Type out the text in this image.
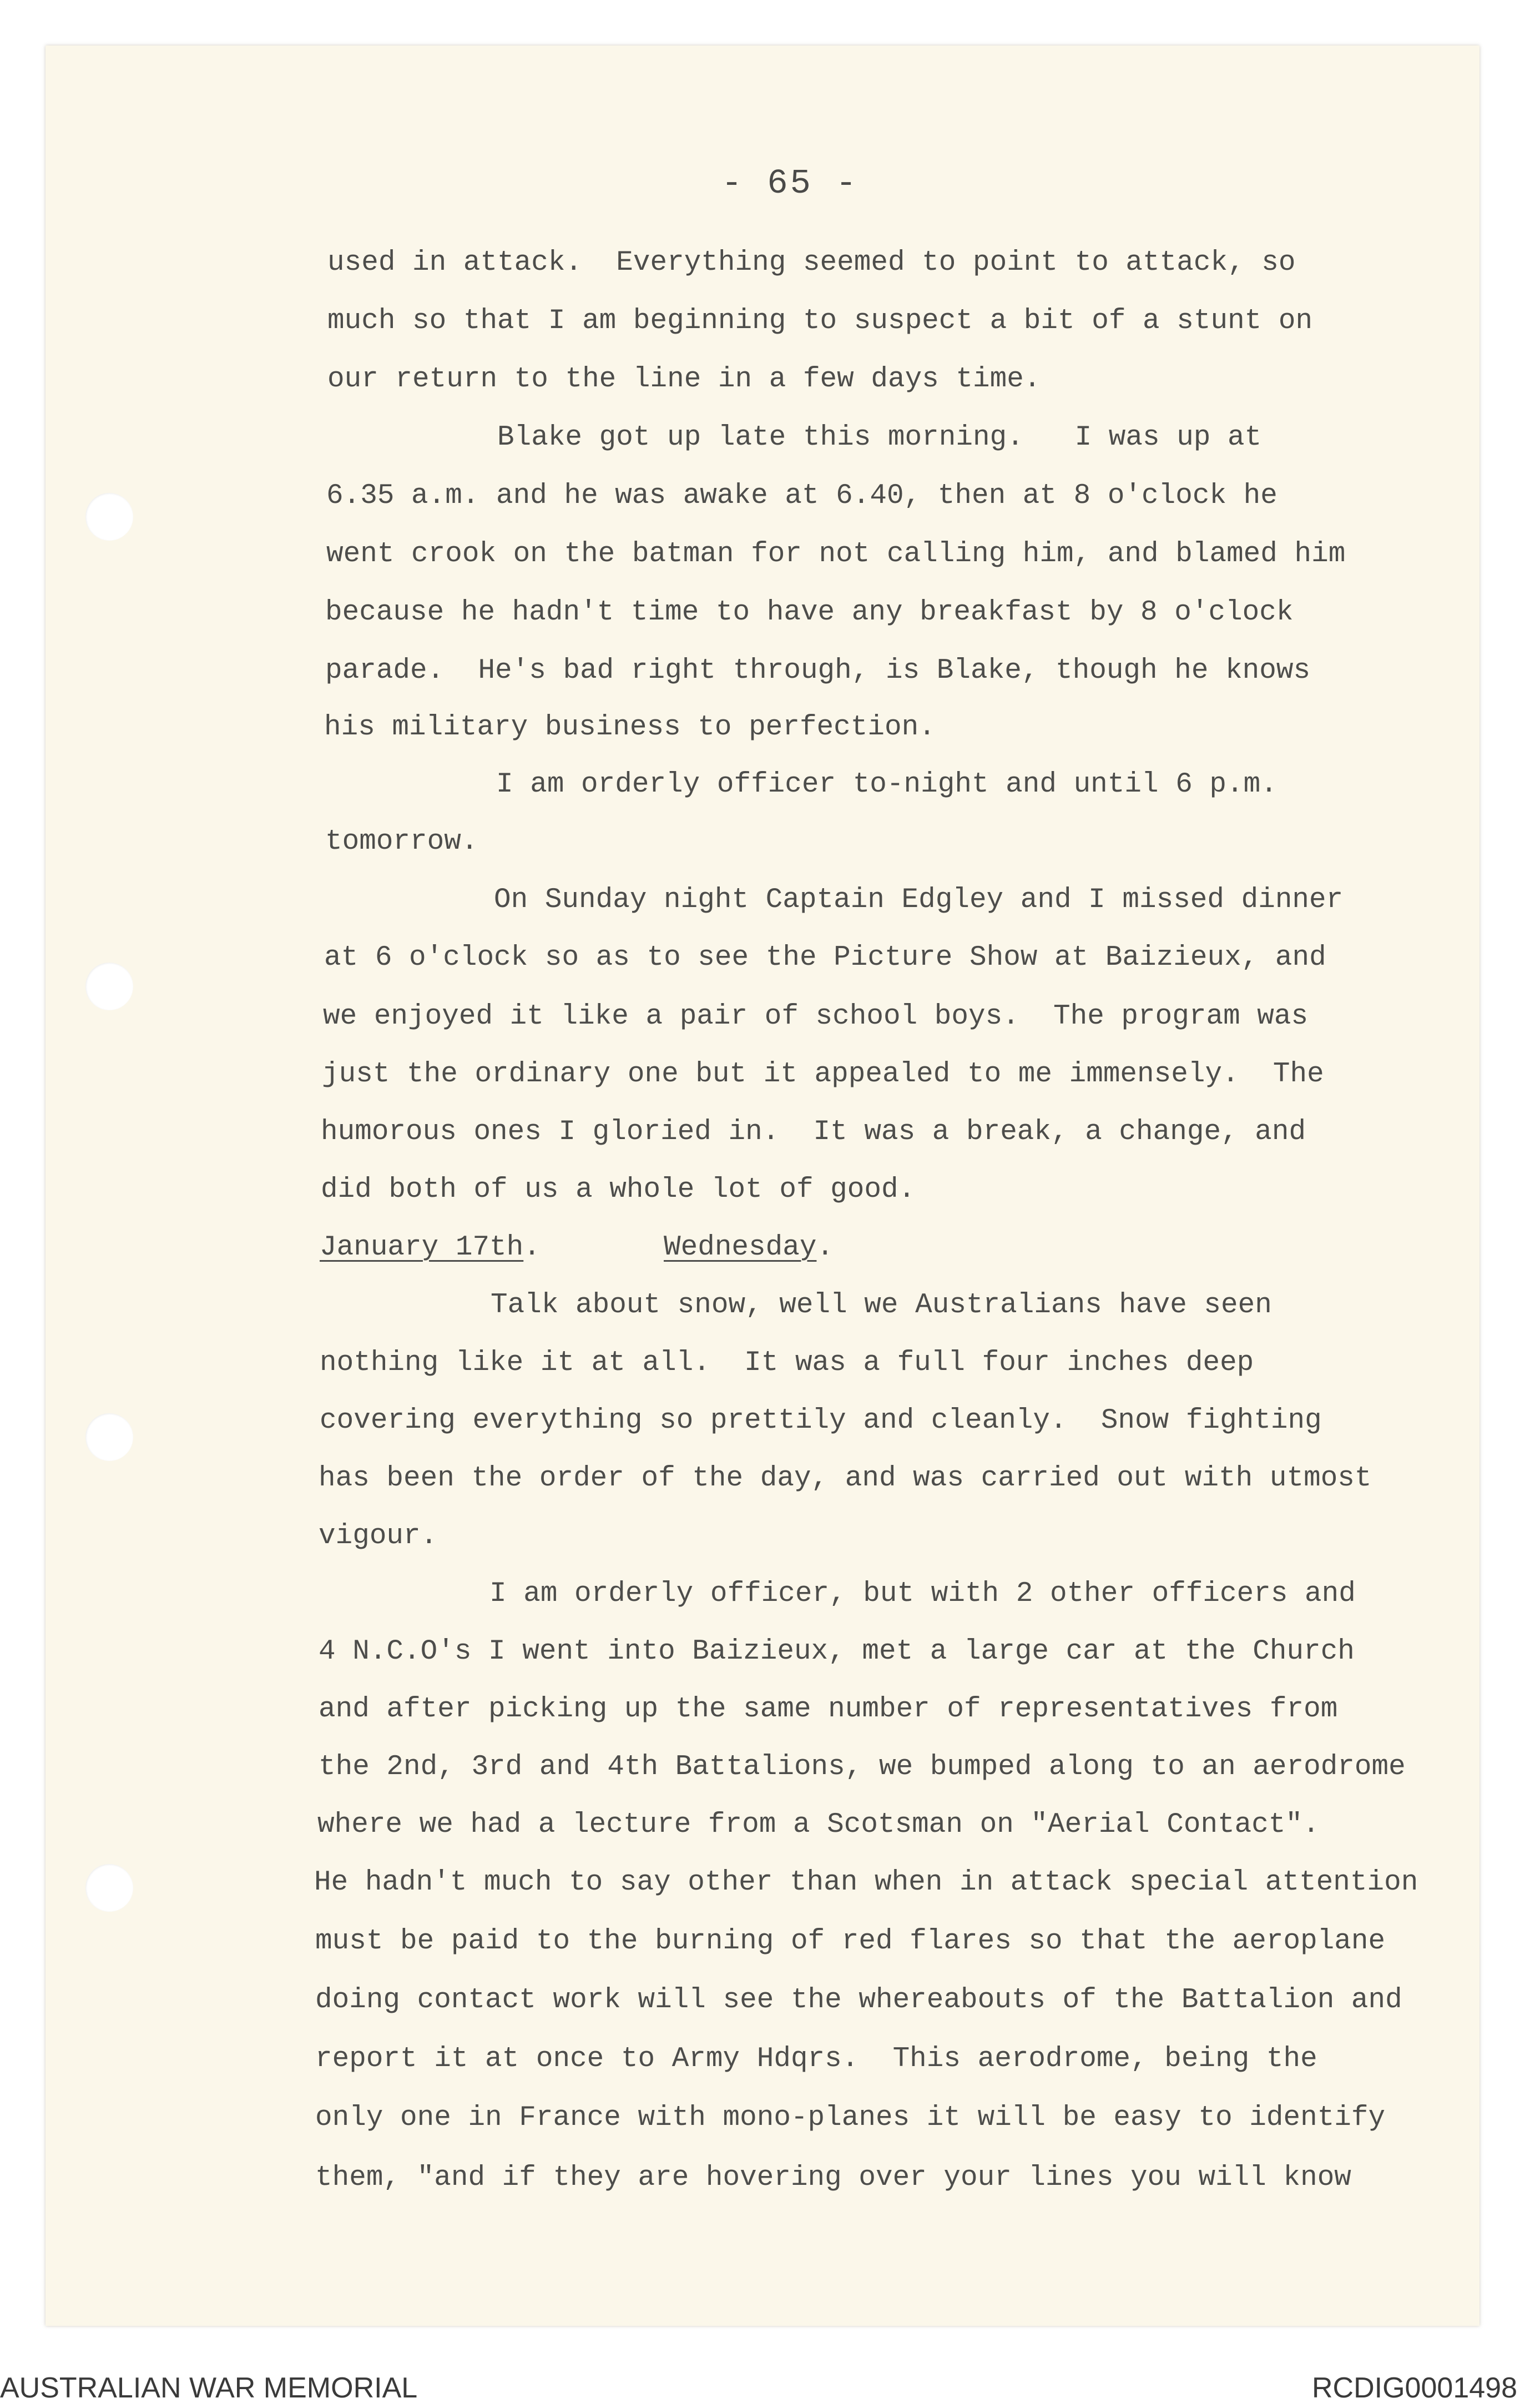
- 65 -

used in attack.  Everything seemed to point to attack, so

much so that I am beginning to suspect a bit of a stunt on

our return to the line in a few days time.

Blake got up late this morning.   I was up at

6.35 a.m. and he was awake at 6.40, then at 8 o'clock he

went crook on the batman for not calling him, and blamed him

because he hadn't time to have any breakfast by 8 o'clock

parade.  He's bad right through, is Blake, though he knows

his military business to perfection.

I am orderly officer to-night and until 6 p.m.

tomorrow.

On Sunday night Captain Edgley and I missed dinner

at 6 o'clock so as to see the Picture Show at Baizieux, and

we enjoyed it like a pair of school boys.  The program was

just the ordinary one but it appealed to me immensely.  The

humorous ones I gloried in.  It was a break, a change, and

did both of us a whole lot of good.

January 17th.	Wednesday.

Talk about snow, well we Australians have seen

nothing like it at all.  It was a full four inches deep

covering everything so prettily and cleanly.  Snow fighting

has been the order of the day, and was carried out with utmost

vigour.

I am orderly officer, but with 2 other officers and

4 N.C.O's I went into Baizieux, met a large car at the Church

and after picking up the same number of representatives from

the 2nd, 3rd and 4th Battalions, we bumped along to an aerodrome

where we had a lecture from a Scotsman on "Aerial Contact".

He hadn't much to say other than when in attack special attention

must be paid to the burning of red flares so that the aeroplane

doing contact work will see the whereabouts of the Battalion and

report it at once to Army Hdqrs.  This aerodrome, being the

only one in France with mono-planes it will be easy to identify

them, "and if they are hovering over your lines you will know

AUSTRALIAN WAR MEMORIAL	RCDIG0001498
